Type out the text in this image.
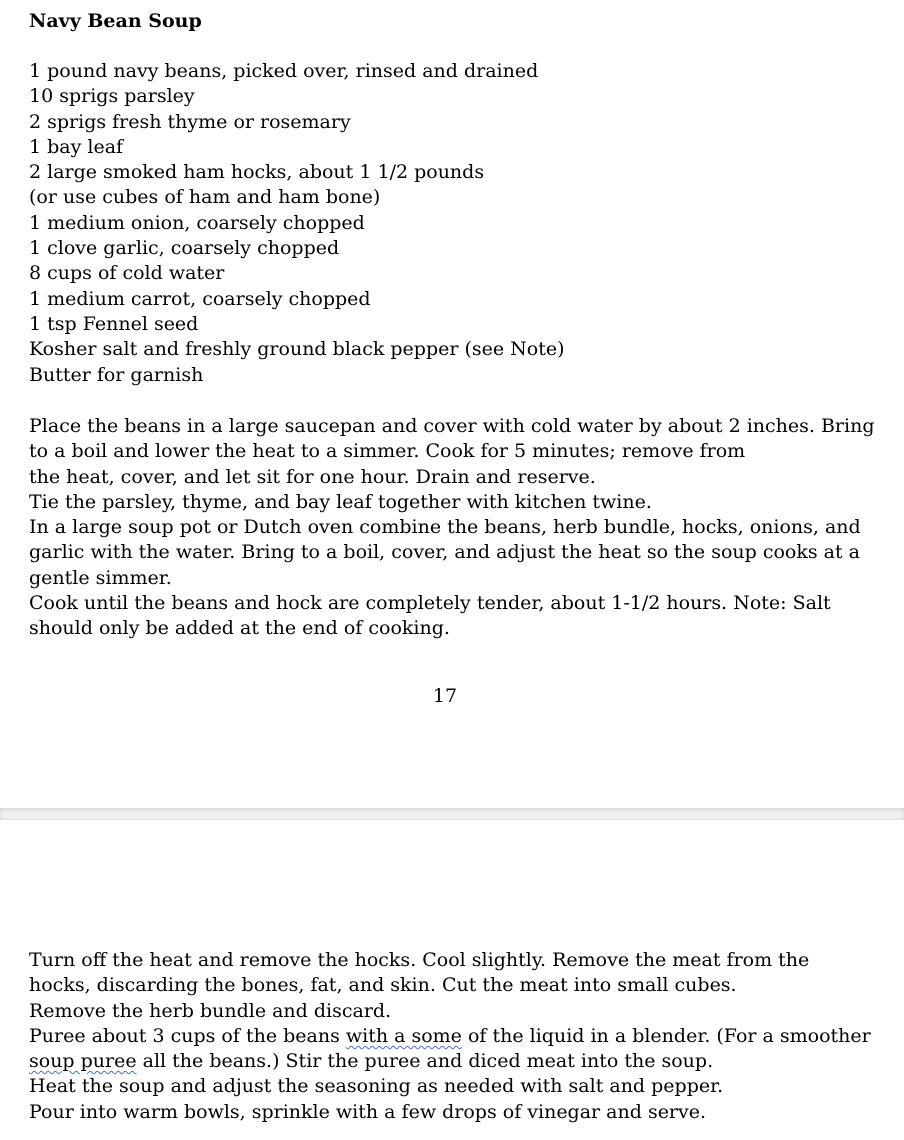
Navy Bean Soup
1 pound navy beans, picked over, rinsed and drained
10 sprigs parsley
2 sprigs fresh thyme or rosemary
1 bay leaf
2 large smoked ham hocks, about 1 1/2 pounds
(or use cubes of ham and ham bone)
1 medium onion, coarsely chopped
1 clove garlic, coarsely chopped
8 cups of cold water
1 medium carrot, coarsely chopped
1 tsp Fennel seed
Kosher salt and freshly ground black pepper (see Note)
Butter for garnish
Place the beans in a large saucepan and cover with cold water by about 2 inches. Bring
to a boil and lower the heat to a simmer. Cook for 5 minutes; remove from
the heat, cover, and let sit for one hour. Drain and reserve.
Tie the parsley, thyme, and bay leaf together with kitchen twine.
In a large soup pot or Dutch oven combine the beans, herb bundle, hocks, onions, and
garlic with the water. Bring to a boil, cover, and adjust the heat so the soup cooks at a
gentle simmer.
Cook until the beans and hock are completely tender, about 1-1/2 hours. Note: Salt
should only be added at the end of cooking.
17
Turn off the heat and remove the hocks. Cool slightly. Remove the meat from the
hocks, discarding the bones, fat, and skin. Cut the meat into small cubes.
Remove the herb bundle and discard.
Puree about 3 cups of the beans with a some of the liquid in a blender. (For a smoother
soup puree all the beans.) Stir the puree and diced meat into the soup.
Heat the soup and adjust the seasoning as needed with salt and pepper.
Pour into warm bowls, sprinkle with a few drops of vinegar and serve.
